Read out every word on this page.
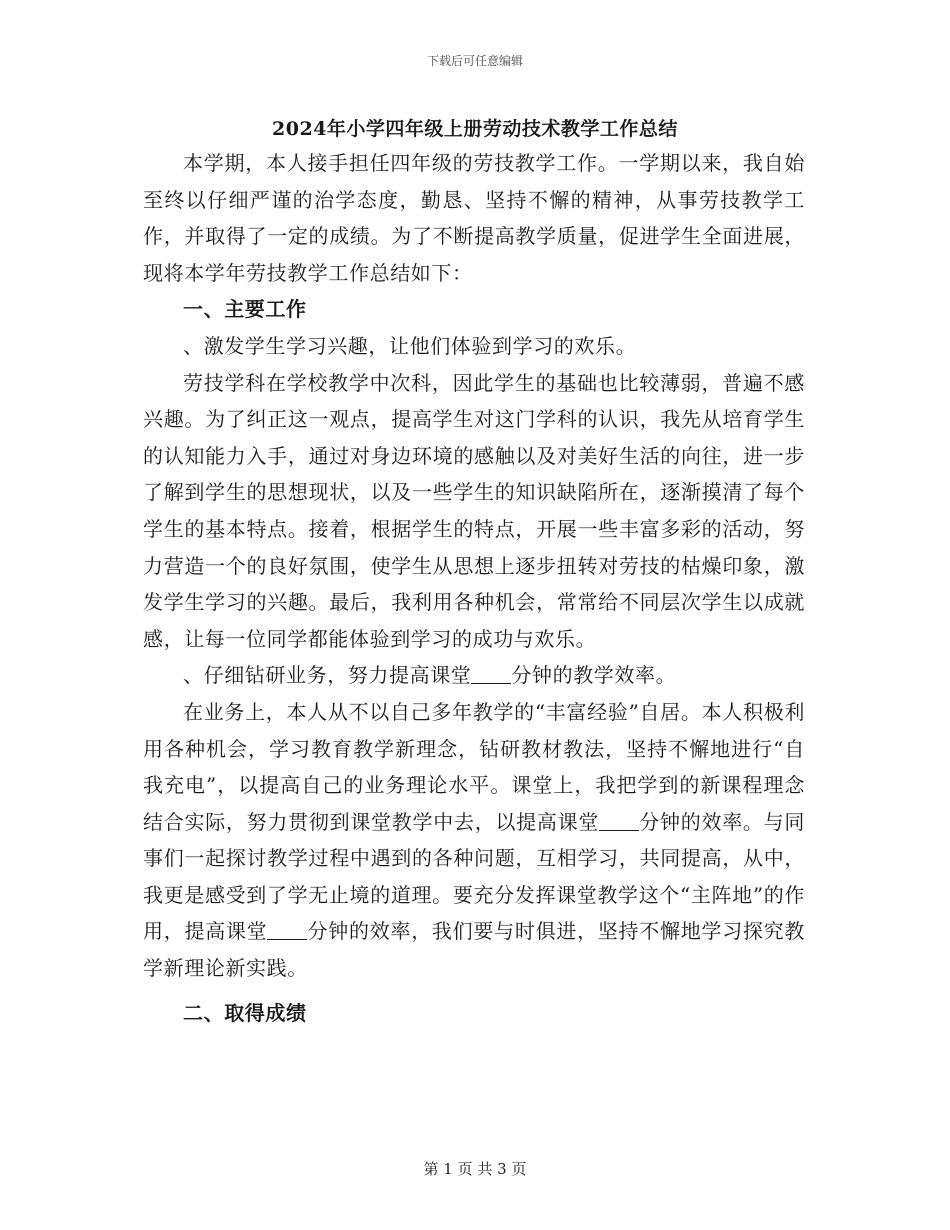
下载后可任意编辑
2024年小学四年级上册劳动技术教学工作总结

本学期，本人接手担任四年级的劳技教学工作。一学期以来，我自始至终以仔细严谨的治学态度，勤恳、坚持不懈的精神，从事劳技教学工作，并取得了一定的成绩。为了不断提高教学质量，促进学生全面进展，现将本学年劳技教学工作总结如下：

一、主要工作

、激发学生学习兴趣，让他们体验到学习的欢乐。

劳技学科在学校教学中次科，因此学生的基础也比较薄弱，普遍不感兴趣。为了纠正这一观点，提高学生对这门学科的认识，我先从培育学生的认知能力入手，通过对身边环境的感触以及对美好生活的向往，进一步了解到学生的思想现状，以及一些学生的知识缺陷所在，逐渐摸清了每个学生的基本特点。接着，根据学生的特点，开展一些丰富多彩的活动，努力营造一个的良好氛围，使学生从思想上逐步扭转对劳技的枯燥印象，激发学生学习的兴趣。最后，我利用各种机会，常常给不同层次学生以成就感，让每一位同学都能体验到学习的成功与欢乐。

、仔细钻研业务，努力提高课堂 分钟的教学效率。

在业务上，本人从不以自己多年教学的“丰富经验”自居。本人积极利用各种机会，学习教育教学新理念，钻研教材教法，坚持不懈地进行“自我充电”，以提高自己的业务理论水平。课堂上，我把学到的新课程理念结合实际，努力贯彻到课堂教学中去，以提高课堂 分钟的效率。与同事们一起探讨教学过程中遇到的各种问题，互相学习，共同提高，从中，我更是感受到了学无止境的道理。要充分发挥课堂教学这个“主阵地”的作用，提高课堂 分钟的效率，我们要与时俱进，坚持不懈地学习探究教学新理论新实践。

二、取得成绩

第 1 页 共 3 页
